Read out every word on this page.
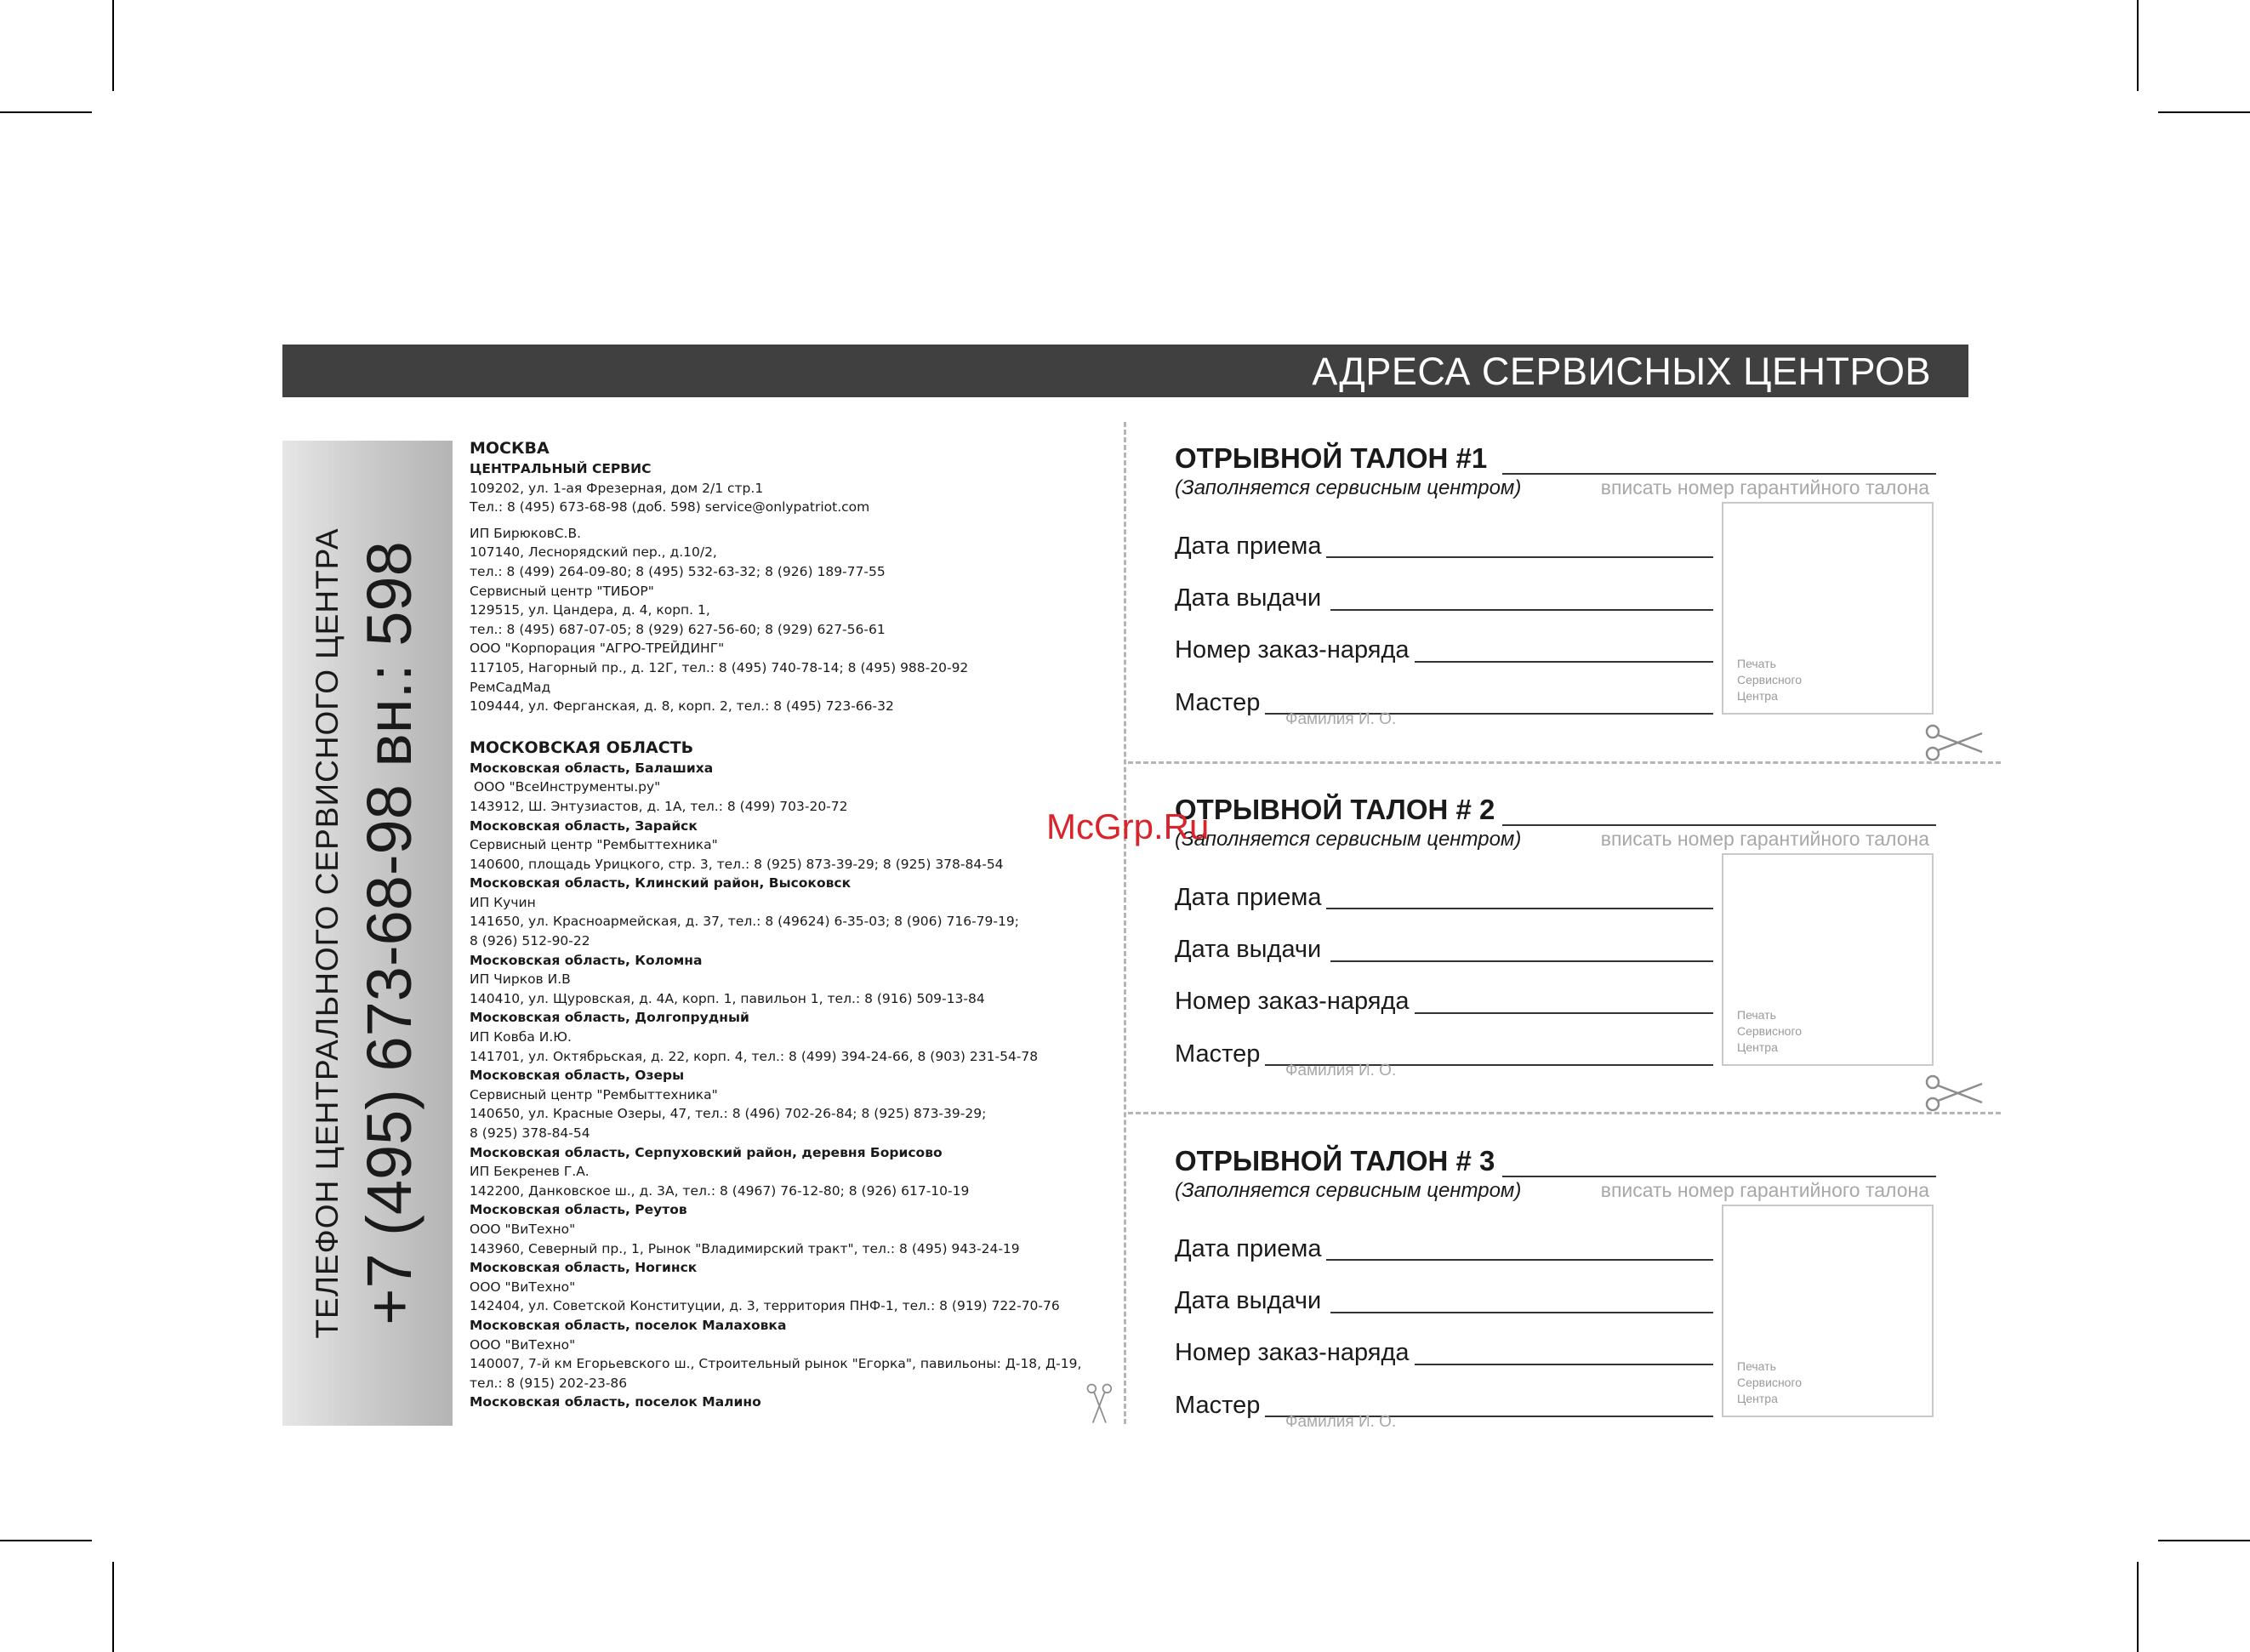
АДРЕСА СЕРВИСНЫХ ЦЕНТРОВ
ТЕЛЕФОН ЦЕНТРАЛЬНОГО СЕРВИСНОГО ЦЕНТРА +7 (495) 673-68-98 вн.: 598
МОСКВА
ЦЕНТРАЛЬНЫЙ СЕРВИС
109202, ул. 1-ая Фрезерная, дом 2/1 стр.1
Тел.: 8 (495) 673-68-98 (доб. 598) service@onlypatriot.com
ИП БирюковС.В.
107140, Леснорядский пер., д.10/2,
тел.: 8 (499) 264-09-80; 8 (495) 532-63-32; 8 (926) 189-77-55
Сервисный центр "ТИБОР"
129515, ул. Цандера, д. 4, корп. 1,
тел.: 8 (495) 687-07-05; 8 (929) 627-56-60; 8 (929) 627-56-61
ООО "Корпорация "АГРО-ТРЕЙДИНГ"
117105, Нагорный пр., д. 12Г, тел.: 8 (495) 740-78-14; 8 (495) 988-20-92
РемСадМад
109444, ул. Ферганская, д. 8, корп. 2, тел.: 8 (495) 723-66-32
МОСКОВСКАЯ ОБЛАСТЬ
Московская область, Балашиха
ООО "ВсеИнструменты.ру"
143912, Ш. Энтузиастов, д. 1А, тел.: 8 (499) 703-20-72
Московская область, Зарайск
Сервисный центр "Рембыттехника"
140600, площадь Урицкого, стр. 3, тел.: 8 (925) 873-39-29; 8 (925) 378-84-54
Московская область, Клинский район, Высоковск
ИП Кучин
141650, ул. Красноармейская, д. 37, тел.: 8 (49624) 6-35-03; 8 (906) 716-79-19;
8 (926) 512-90-22
Московская область, Коломна
ИП Чирков И.В
140410, ул. Щуровская, д. 4А, корп. 1, павильон 1, тел.: 8 (916) 509-13-84
Московская область, Долгопрудный
ИП Ковба И.Ю.
141701, ул. Октябрьская, д. 22, корп. 4, тел.: 8 (499) 394-24-66, 8 (903) 231-54-78
Московская область, Озеры
Сервисный центр "Рембыттехника"
140650, ул. Красные Озеры, 47, тел.: 8 (496) 702-26-84; 8 (925) 873-39-29;
8 (925) 378-84-54
Московская область, Серпуховский район, деревня Борисово
ИП Бекренев Г.А.
142200, Данковское ш., д. 3А, тел.: 8 (4967) 76-12-80; 8 (926) 617-10-19
Московская область, Реутов
ООО "ВиТехно"
143960, Северный пр., 1, Рынок "Владимирский тракт", тел.: 8 (495) 943-24-19
Московская область, Ногинск
ООО "ВиТехно"
142404, ул. Советской Конституции, д. 3, территория ПНФ-1, тел.: 8 (919) 722-70-76
Московская область, поселок Малаховка
ООО "ВиТехно"
140007, 7-й км Егорьевского ш., Строительный рынок "Егорка", павильоны: Д-18, Д-19,
тел.: 8 (915) 202-23-86
Московская область, поселок Малино
ОТРЫВНОЙ ТАЛОН #1
(Заполняется сервисным центром)	вписать номер гарантийного талона
Дата приема
Дата выдачи
Номер заказ-наряда
Мастер
Фамилия И. О.
Печать
Сервисного
Центра
ОТРЫВНОЙ ТАЛОН # 2
(Заполняется сервисным центром)	вписать номер гарантийного талона
Дата приема
Дата выдачи
Номер заказ-наряда
Мастер
Фамилия И. О.
Печать
Сервисного
Центра
ОТРЫВНОЙ ТАЛОН # 3
(Заполняется сервисным центром)	вписать номер гарантийного талона
Дата приема
Дата выдачи
Номер заказ-наряда
Мастер
Фамилия И. О.
Печать
Сервисного
Центра
McGrp.Ru
